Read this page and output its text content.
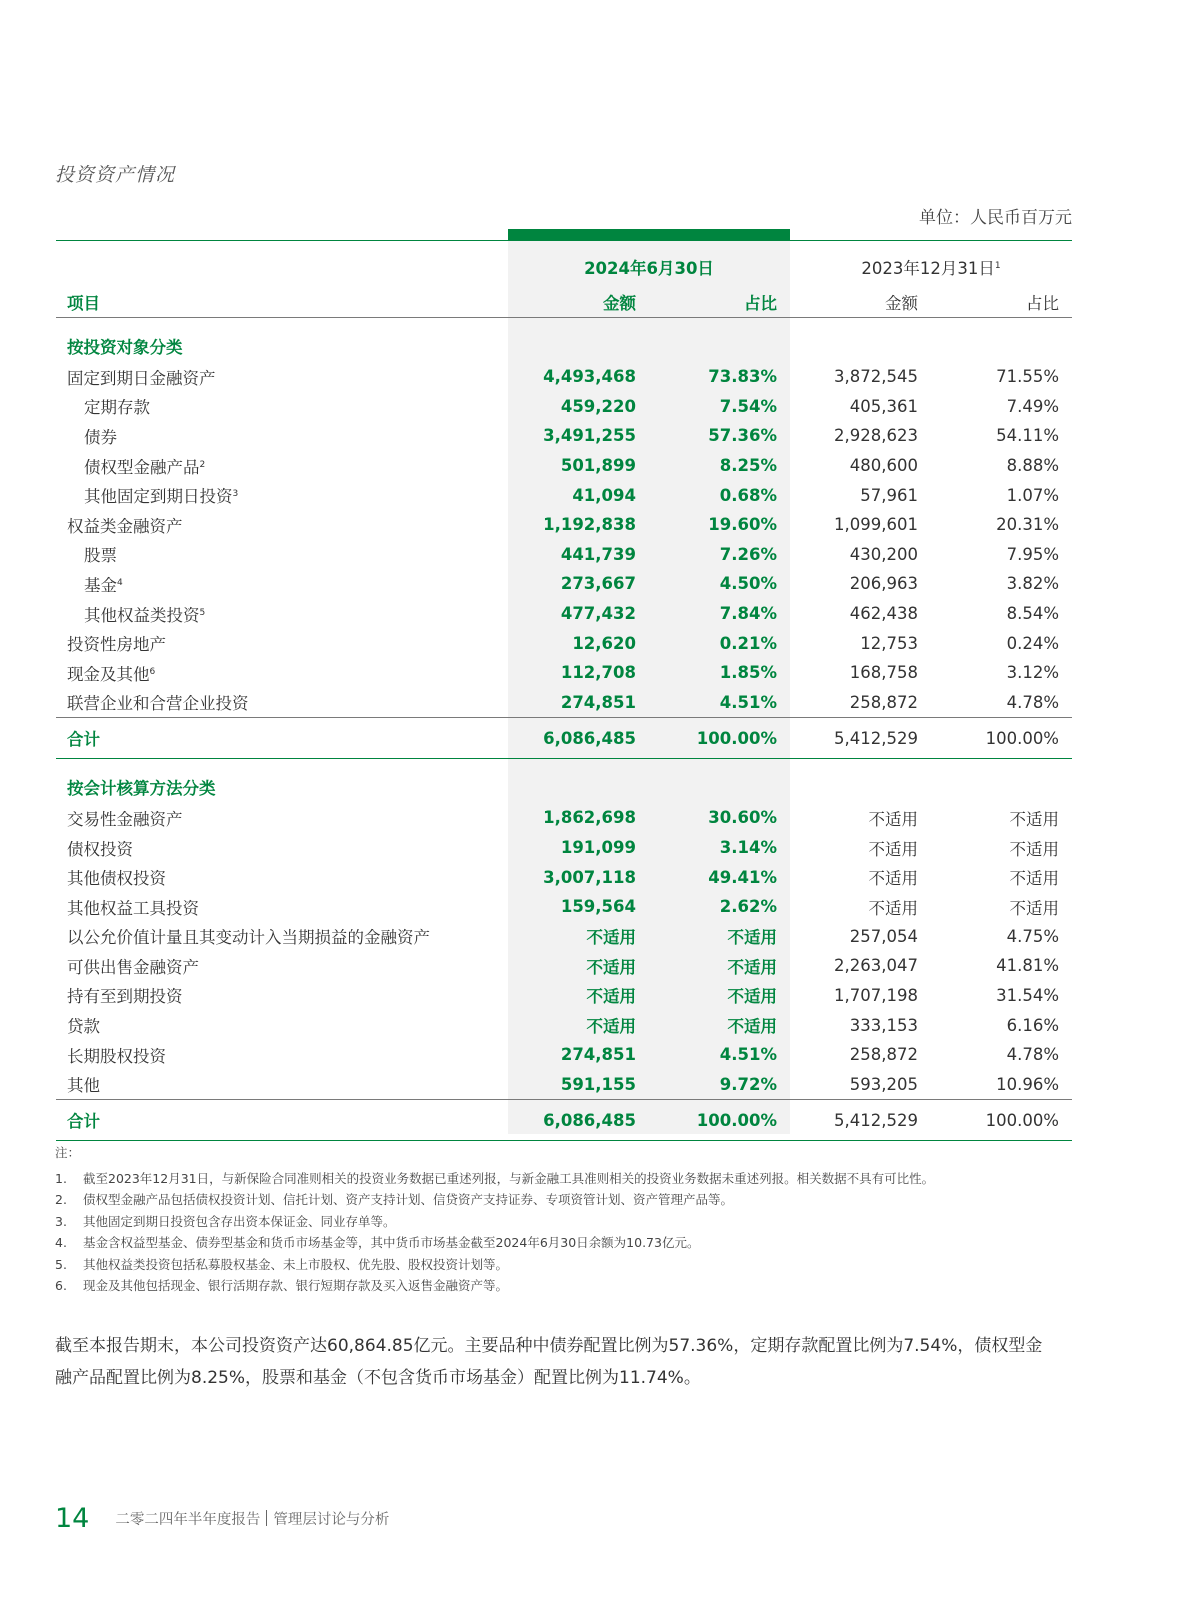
投资资产情况
单位：人民币百万元
	2024年6月30日		2023年12月31日$^1$
项目	金额	占比	金额	占比
按投资对象分类				
固定到期日金融资产	4,493,468	73.83%	3,872,545	71.55%
定期存款	459,220	7.54%	405,361	7.49%
债券	3,491,255	57.36%	2,928,623	54.11%
债权型金融产品$^2$	501,899	8.25%	480,600	8.88%
其他固定到期日投资$^3$	41,094	0.68%	57,961	1.07%
权益类金融资产	1,192,838	19.60%	1,099,601	20.31%
股票	441,739	7.26%	430,200	7.95%
基金$^4$	273,667	4.50%	206,963	3.82%
其他权益类投资$^5$	477,432	7.84%	462,438	8.54%
投资性房地产	12,620	0.21%	12,753	0.24%
现金及其他$^6$	112,708	1.85%	168,758	3.12%
联营企业和合营企业投资	274,851	4.51%	258,872	4.78%
合计	6,086,485	100.00%	5,412,529	100.00%
按会计核算方法分类				
交易性金融资产	1,862,698	30.60%	不适用	不适用
债权投资	191,099	3.14%	不适用	不适用
其他债权投资	3,007,118	49.41%	不适用	不适用
其他权益工具投资	159,564	2.62%	不适用	不适用
以公允价值计量且其变动计入当期损益的金融资产	不适用	不适用	257,054	4.75%
可供出售金融资产	不适用	不适用	2,263,047	41.81%
持有至到期投资	不适用	不适用	1,707,198	31.54%
贷款	不适用	不适用	333,153	6.16%
长期股权投资	274,851	4.51%	258,872	4.78%
其他	591,155	9.72%	593,205	10.96%
合计	6,086,485	100.00%	5,412,529	100.00%
注：
1.	截至2023年12月31日，与新保险合同准则相关的投资业务数据已重述列报，与新金融工具准则相关的投资业务数据未重述列报。相关数据不具有可比性。
2.	债权型金融产品包括债权投资计划、信托计划、资产支持计划、信贷资产支持证券、专项资管计划、资产管理产品等。
3.	其他固定到期日投资包含存出资本保证金、同业存单等。
4.	基金含权益型基金、债券型基金和货币市场基金等，其中货币市场基金截至2024年6月30日余额为10.73亿元。
5.	其他权益类投资包括私募股权基金、未上市股权、优先股、股权投资计划等。
6.	现金及其他包括现金、银行活期存款、银行短期存款及买入返售金融资产等。
截至本报告期末，本公司投资资产达60,864.85亿元。主要品种中债券配置比例为57.36%，定期存款配置比例为7.54%，债权型金融产品配置比例为8.25%，股票和基金（不包含货币市场基金）配置比例为11.74%。
14 二零二四年半年度报告 管理层讨论与分析
